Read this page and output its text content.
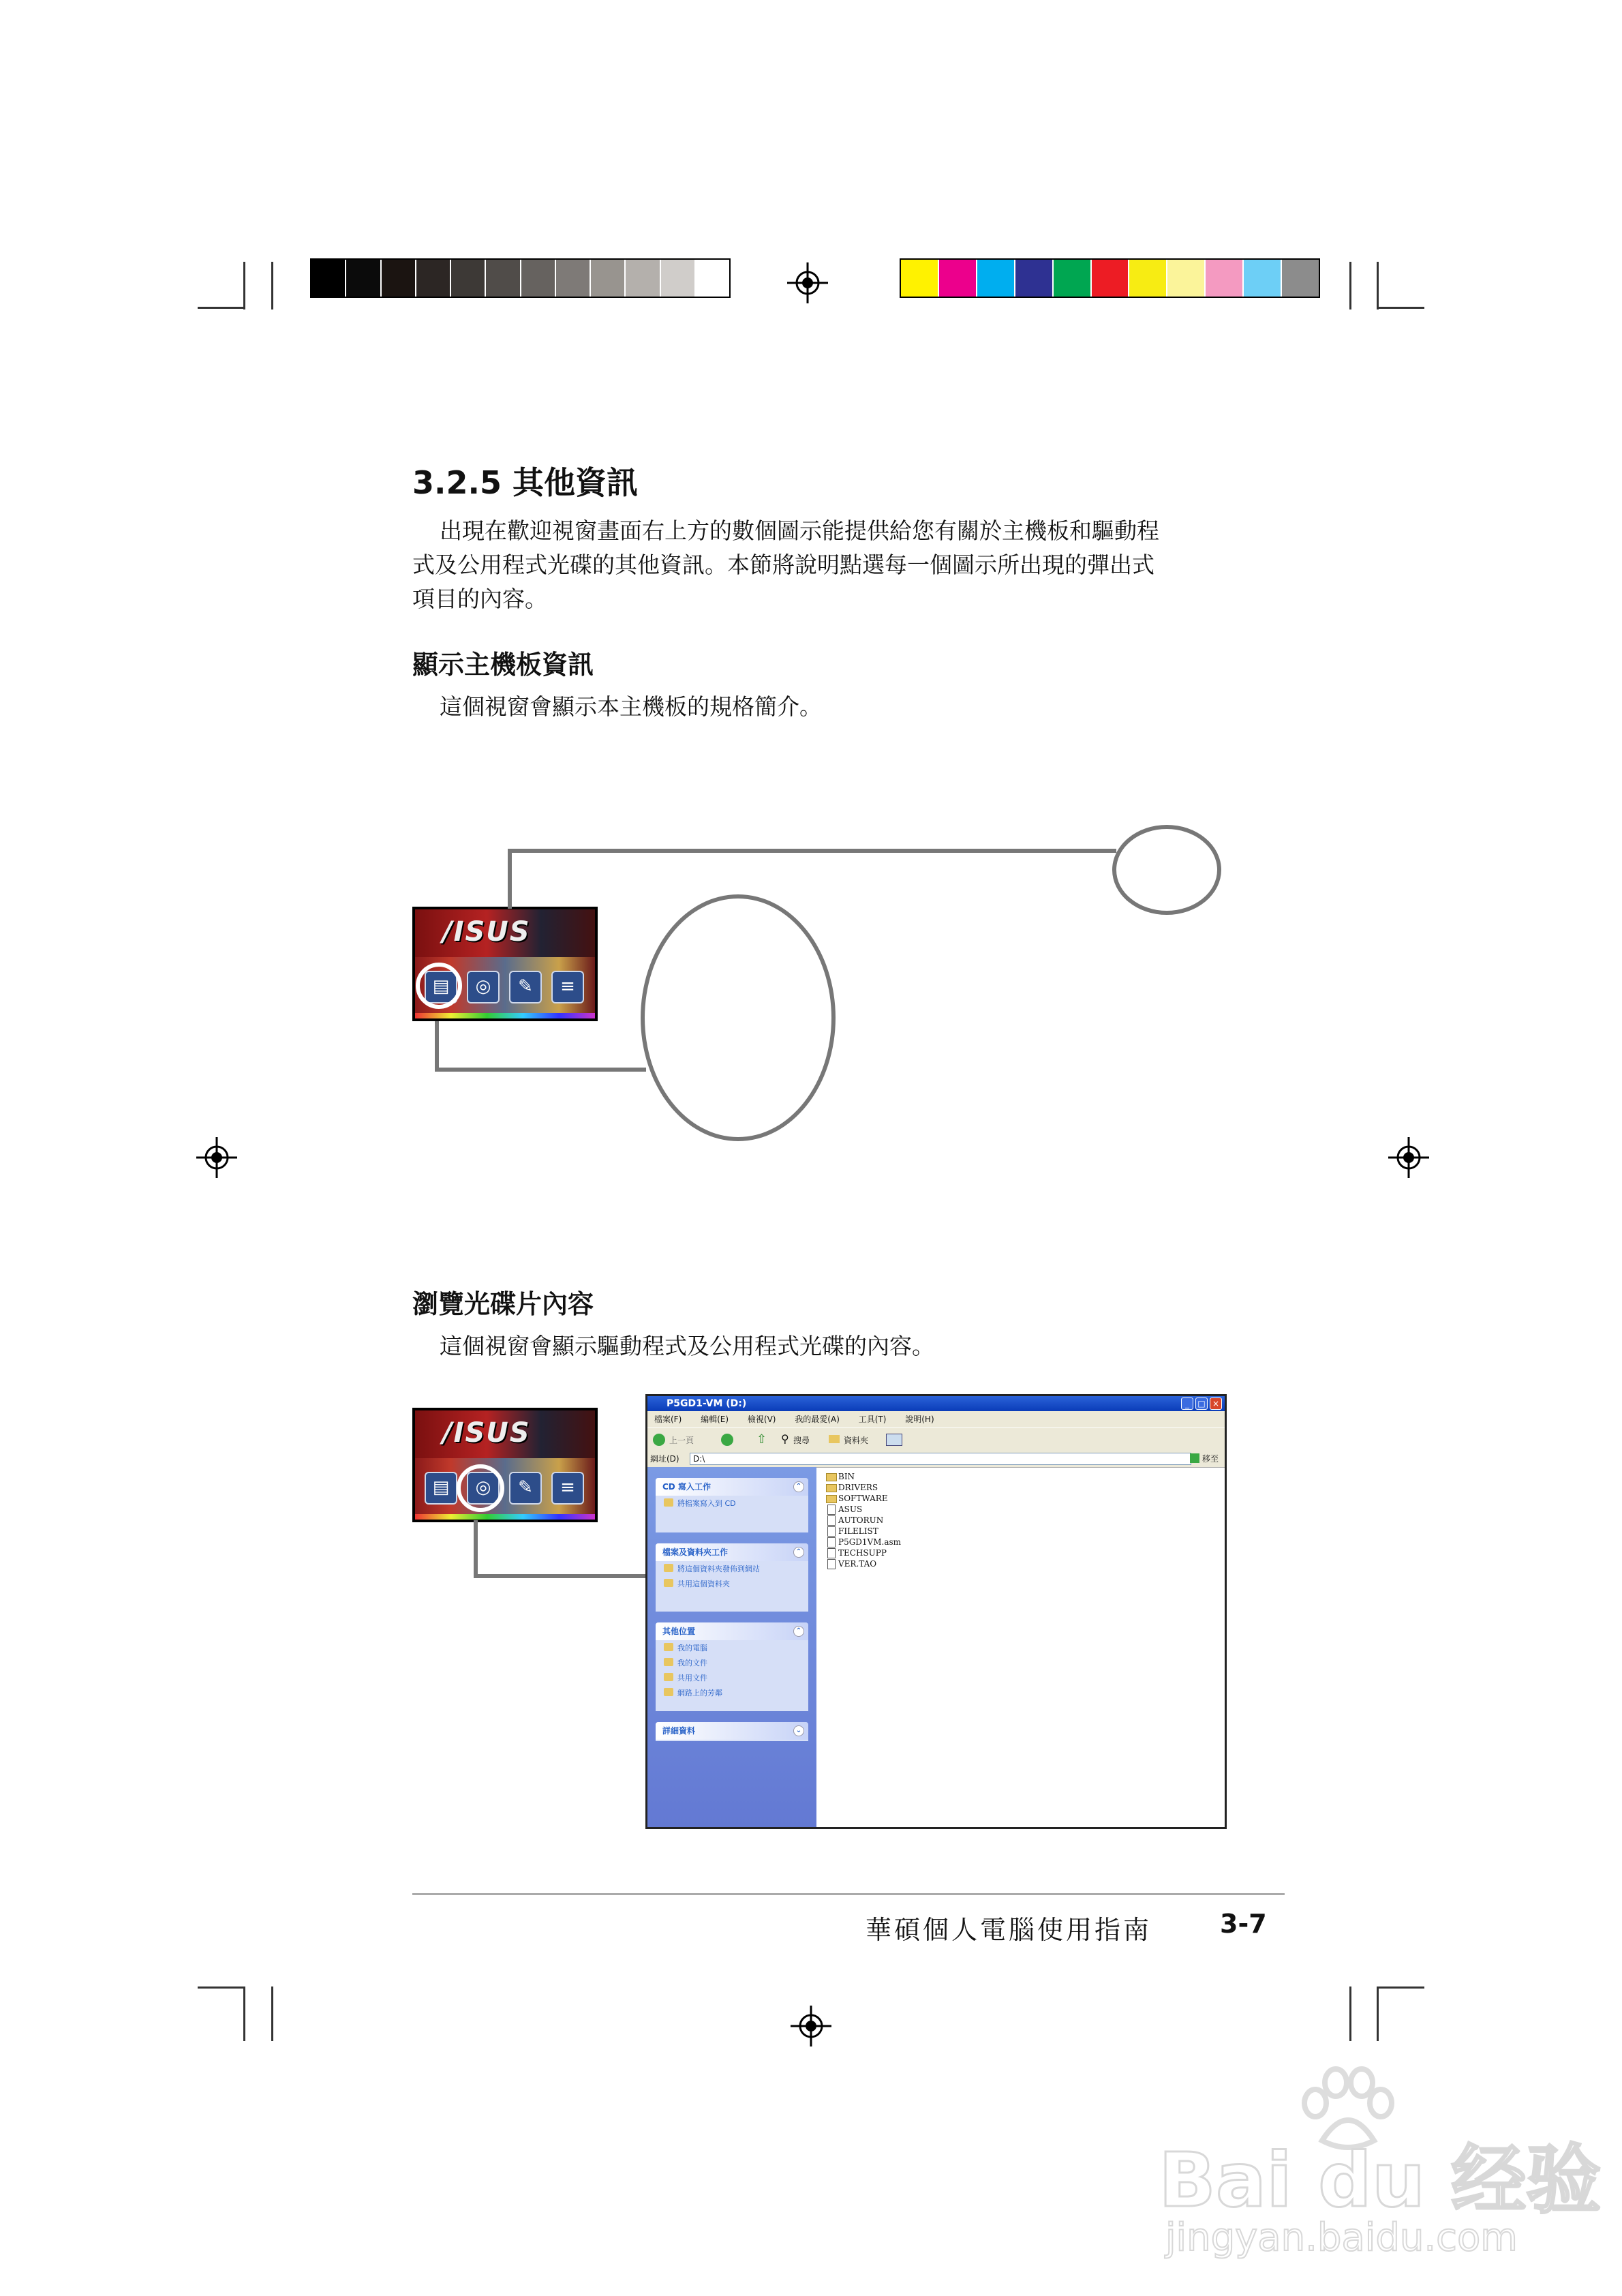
3.2.5 其他資訊
出現在歡迎視窗畫面右上方的數個圖示能提供給您有關於主機板和驅動程
式及公用程式光碟的其他資訊。本節將說明點選每一個圖示所出現的彈出式
項目的內容。
顯示主機板資訊
這個視窗會顯示本主機板的規格簡介。
/ISUS
▤	◎	✎	≡
瀏覽光碟片內容
這個視窗會顯示驅動程式及公用程式光碟的內容。
/ISUS
▤	◎	✎	≡
P5GD1-VM (D:)	_	□ ×
檔案(F) 編輯(E) 檢視(V) 我的最愛(A) 工具(T) 說明(H)
上一頁	⇧ ⚲ 搜尋	資料夾
網址(D)	D:\	移至
CD 寫入工作	⌃
將檔案寫入到 CD
檔案及資料夾工作	⌃
將這個資料夾發佈到網站
共用這個資料夾
其他位置	⌃
我的電腦
我的文件
共用文件
網路上的芳鄰
詳細資料	⌄
BIN
DRIVERS
SOFTWARE
ASUS
AUTORUN
FILELIST
P5GD1VM.asm
TECHSUPP
VER.TAO
華碩個人電腦使用指南	3-7
Bai du 经验
jingyan.baidu.com
